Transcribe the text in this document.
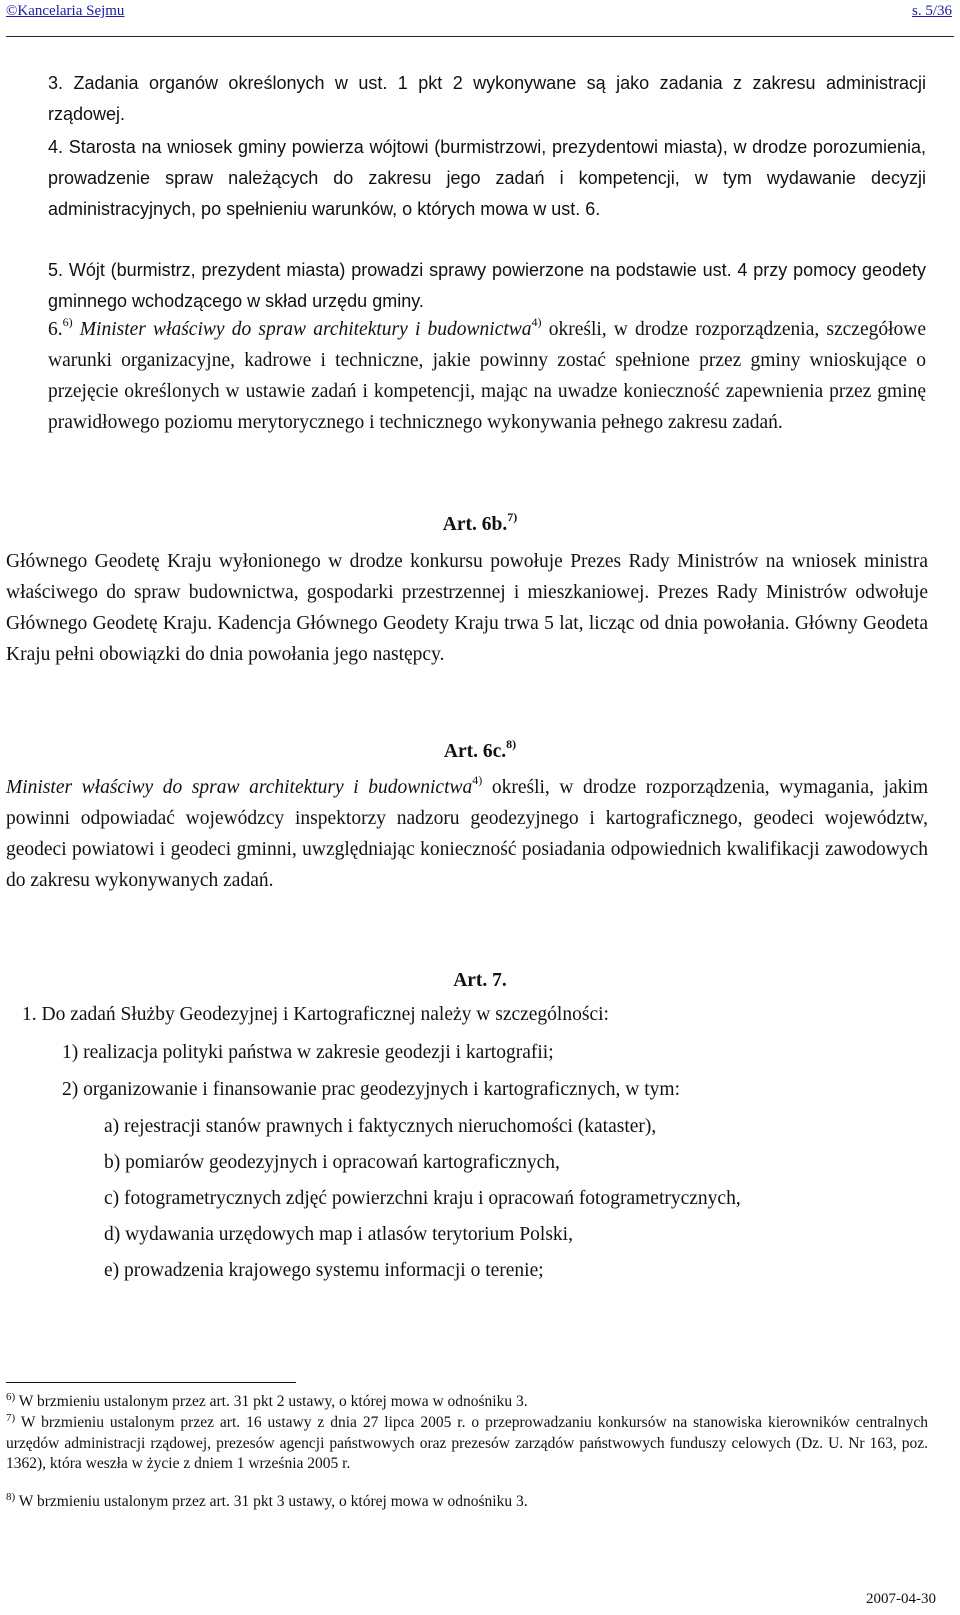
©Kancelaria Sejmu	s. 5/36
3. Zadania organów określonych w ust. 1 pkt 2 wykonywane są jako zadania z zakresu administracji rządowej.
4. Starosta na wniosek gminy powierza wójtowi (burmistrzowi, prezydentowi miasta), w drodze porozumienia, prowadzenie spraw należących do zakresu jego zadań i kompetencji, w tym wydawanie decyzji administracyjnych, po spełnieniu warunków, o których mowa w ust. 6.
5. Wójt (burmistrz, prezydent miasta) prowadzi sprawy powierzone na podstawie ust. 4 przy pomocy geodety gminnego wchodzącego w skład urzędu gminy.
6.$^{6)}$ Minister właściwy do spraw architektury i budownictwa$^{4)}$ określi, w drodze rozporządzenia, szczegółowe warunki organizacyjne, kadrowe i techniczne, jakie powinny zostać spełnione przez gminy wnioskujące o przejęcie określonych w ustawie zadań i kompetencji, mając na uwadze konieczność zapewnienia przez gminę prawidłowego poziomu merytorycznego i technicznego wykonywania pełnego zakresu zadań.
Art. 6b.$^{7)}$
Głównego Geodetę Kraju wyłonionego w drodze konkursu powołuje Prezes Rady Ministrów na wniosek ministra właściwego do spraw budownictwa, gospodarki przestrzennej i mieszkaniowej. Prezes Rady Ministrów odwołuje Głównego Geodetę Kraju. Kadencja Głównego Geodety Kraju trwa 5 lat, licząc od dnia powołania. Główny Geodeta Kraju pełni obowiązki do dnia powołania jego następcy.
Art. 6c.$^{8)}$
Minister właściwy do spraw architektury i budownictwa$^{4)}$ określi, w drodze rozporządzenia, wymagania, jakim powinni odpowiadać wojewódzcy inspektorzy nadzoru geodezyjnego i kartograficznego, geodeci województw, geodeci powiatowi i geodeci gminni, uwzględniając konieczność posiadania odpowiednich kwalifikacji zawodowych do zakresu wykonywanych zadań.
Art. 7.
1. Do zadań Służby Geodezyjnej i Kartograficznej należy w szczególności:
1) realizacja polityki państwa w zakresie geodezji i kartografii;
2) organizowanie i finansowanie prac geodezyjnych i kartograficznych, w tym:
a) rejestracji stanów prawnych i faktycznych nieruchomości (kataster),
b) pomiarów geodezyjnych i opracowań kartograficznych,
c) fotogrametrycznych zdjęć powierzchni kraju i opracowań fotogrametrycznych,
d) wydawania urzędowych map i atlasów terytorium Polski,
e) prowadzenia krajowego systemu informacji o terenie;
$^{6)}$ W brzmieniu ustalonym przez art. 31 pkt 2 ustawy, o której mowa w odnośniku 3.
$^{7)}$ W brzmieniu ustalonym przez art. 16 ustawy z dnia 27 lipca 2005 r. o przeprowadzaniu konkursów na stanowiska kierowników centralnych urzędów administracji rządowej, prezesów agencji państwowych oraz prezesów zarządów państwowych funduszy celowych (Dz. U. Nr 163, poz. 1362), która weszła w życie z dniem 1 września 2005 r.
$^{8)}$ W brzmieniu ustalonym przez art. 31 pkt 3 ustawy, o której mowa w odnośniku 3.
2007-04-30
